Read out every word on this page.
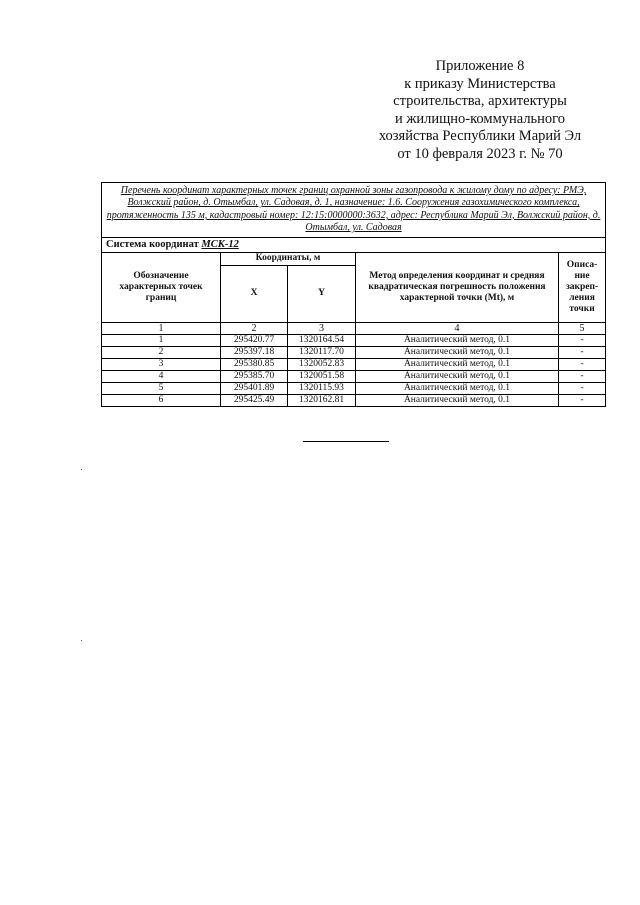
Приложение 8
к приказу Министерства
строительства, архитектуры
и жилищно-коммунального
хозяйства Республики Марий Эл
от 10 февраля 2023 г. № 70
Перечень координат характерных точек границ охранной зоны газопровода к жилому дому по адресу: РМЭ, Волжский район, д. Отымбал, ул. Садовая, д. 1, назначение: 1.6. Сооружения газохимического комплекса, протяженность 135 м, кадастровый номер: 12:15:0000000:3632, адрес: Республика Марий Эл, Волжский район, д. Отымбал, ул. Садовая				
Система координат МСК-12				
Обозначение характерных точек границ	Координаты, м		Метод определения координат и средняя квадратическая погрешность положения характерной точки (Mt), м	Описа-ние закреп-ления точки
	X	Y		
1	2	3	4	5
1	295420.77	1320164.54	Аналитический метод, 0.1	-
2	295397.18	1320117.70	Аналитический метод, 0.1	-
3	295380.85	1320052.83	Аналитический метод, 0.1	-
4	295385.70	1320051.58	Аналитический метод, 0.1	-
5	295401.89	1320115.93	Аналитический метод, 0.1	-
6	295425.49	1320162.81	Аналитический метод, 0.1	-
